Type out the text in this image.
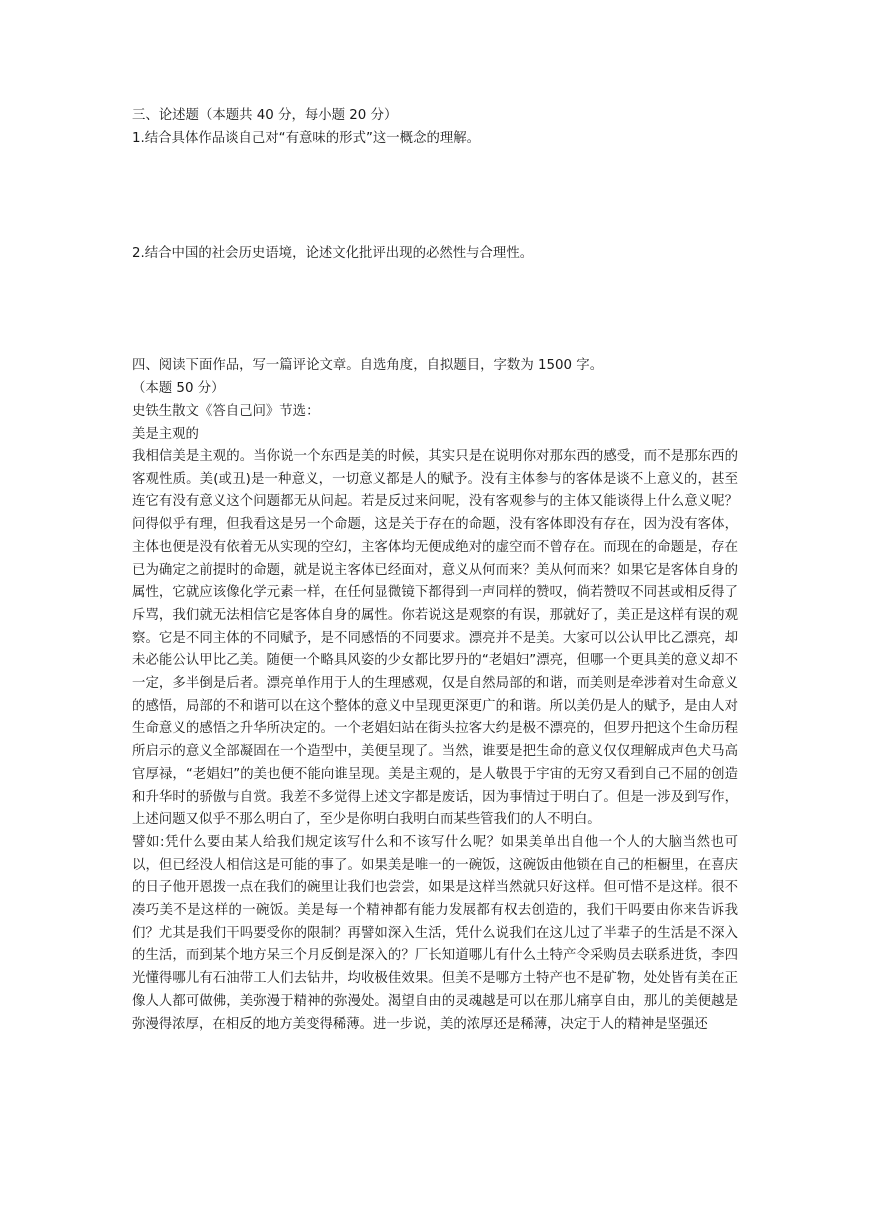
三、论述题（本题共 40 分，每小题 20 分）
1.结合具体作品谈自己对“有意味的形式”这一概念的理解。
2.结合中国的社会历史语境，论述文化批评出现的必然性与合理性。
四、阅读下面作品，写一篇评论文章。自选角度，自拟题目，字数为 1500 字。
（本题 50 分）
史铁生散文《答自己问》节选：
美是主观的

我相信美是主观的。当你说一个东西是美的时候，其实只是在说明你对那东西的感受，而不是那东西的客观性质。美(或丑)是一种意义，一切意义都是人的赋予。没有主体参与的客体是谈不上意义的，甚至连它有没有意义这个问题都无从问起。若是反过来问呢，没有客观参与的主体又能谈得上什么意义呢？问得似乎有理，但我看这是另一个命题，这是关于存在的命题，没有客体即没有存在，因为没有客体，主体也便是没有依着无从实现的空幻，主客体均无便成绝对的虚空而不曾存在。而现在的命题是，存在已为确定之前提时的命题，就是说主客体已经面对，意义从何而来？美从何而来？如果它是客体自身的属性，它就应该像化学元素一样，在任何显微镜下都得到一声同样的赞叹，倘若赞叹不同甚或相反得了斥骂，我们就无法相信它是客体自身的属性。你若说这是观察的有误，那就好了，美正是这样有误的观察。它是不同主体的不同赋予，是不同感悟的不同要求。漂亮并不是美。大家可以公认甲比乙漂亮，却未必能公认甲比乙美。随便一个略具风姿的少女都比罗丹的“老娼妇”漂亮，但哪一个更具美的意义却不一定，多半倒是后者。漂亮单作用于人的生理感观，仅是自然局部的和谐，而美则是牵涉着对生命意义的感悟，局部的不和谐可以在这个整体的意义中呈现更深更广的和谐。所以美仍是人的赋予，是由人对生命意义的感悟之升华所决定的。一个老娼妇站在街头拉客大约是极不漂亮的，但罗丹把这个生命历程所启示的意义全部凝固在一个造型中，美便呈现了。当然，谁要是把生命的意义仅仅理解成声色犬马高官厚禄，“老娼妇”的美也便不能向谁呈现。美是主观的，是人敬畏于宇宙的无穷又看到自己不屈的创造和升华时的骄傲与自赏。我差不多觉得上述文字都是废话，因为事情过于明白了。但是一涉及到写作，上述问题又似乎不那么明白了，至少是你明白我明白而某些管我们的人不明白。

譬如:凭什么要由某人给我们规定该写什么和不该写什么呢？如果美单出自他一个人的大脑当然也可以，但已经没人相信这是可能的事了。如果美是唯一的一碗饭，这碗饭由他锁在自己的柜橱里，在喜庆的日子他开恩拨一点在我们的碗里让我们也尝尝，如果是这样当然就只好这样。但可惜不是这样。很不凑巧美不是这样的一碗饭。美是每一个精神都有能力发展都有权去创造的，我们干吗要由你来告诉我们？尤其是我们干吗要受你的限制？再譬如深入生活，凭什么说我们在这儿过了半辈子的生活是不深入的生活，而到某个地方呆三个月反倒是深入的？厂长知道哪儿有什么土特产令采购员去联系进货，李四光懂得哪儿有石油带工人们去钻井，均收极佳效果。但美不是哪方土特产也不是矿物，处处皆有美在正像人人都可做佛，美弥漫于精神的弥漫处。渴望自由的灵魂越是可以在那儿痛享自由，那儿的美便越是弥漫得浓厚，在相反的地方美变得稀薄。进一步说，美的浓厚还是稀薄，决定于人的精神是坚强还
